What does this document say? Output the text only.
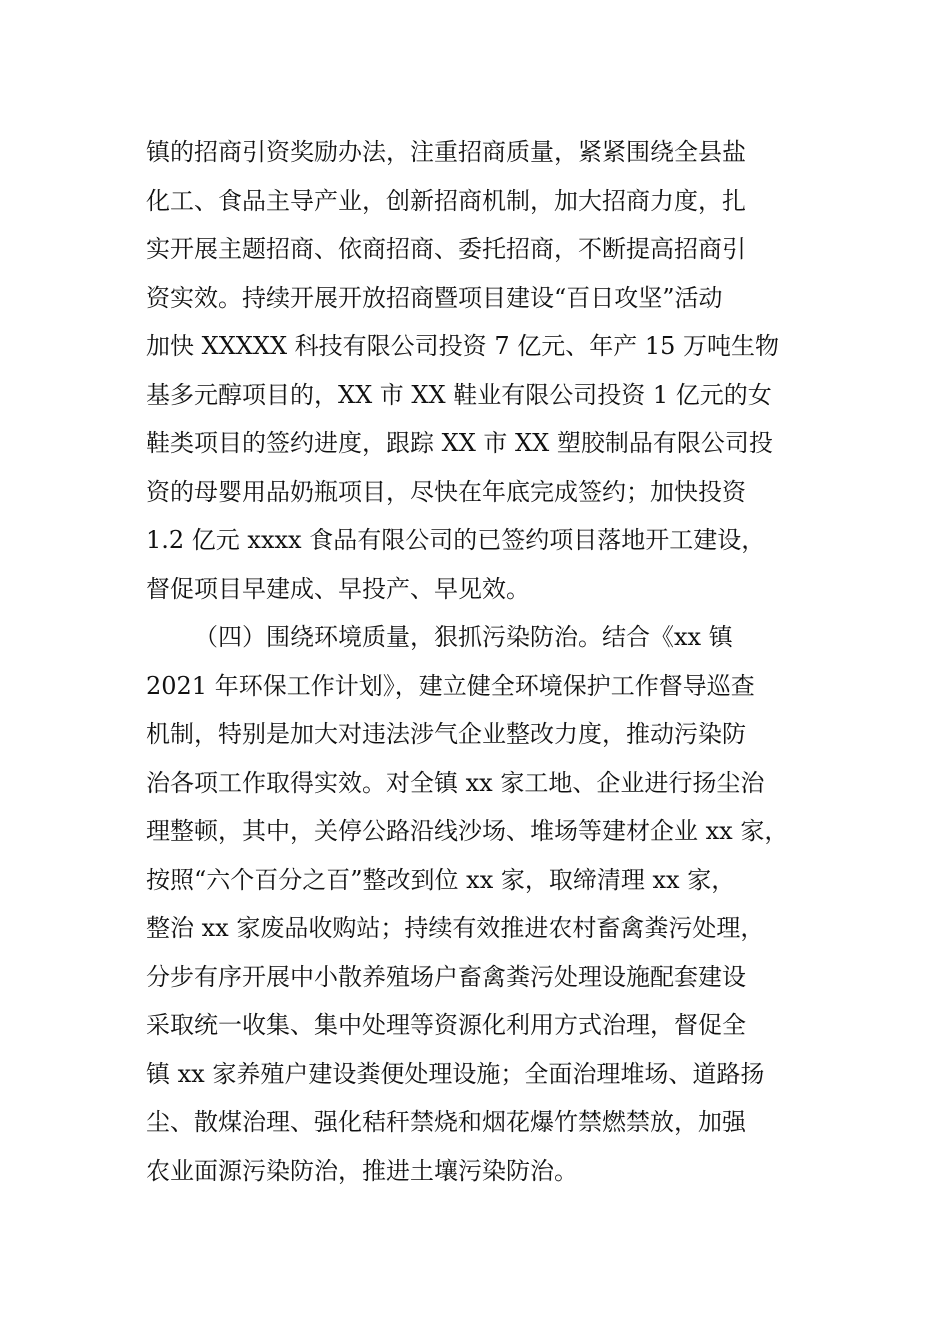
镇的招商引资奖励办法，注重招商质量，紧紧围绕全县盐
化工、食品主导产业，创新招商机制，加大招商力度，扎
实开展主题招商、依商招商、委托招商，不断提高招商引
资实效。持续开展开放招商暨项目建设“百日攻坚”活动
加快 XXXXX 科技有限公司投资 7 亿元、年产 15 万吨生物
基多元醇项目的，XX 市 XX 鞋业有限公司投资 1 亿元的女
鞋类项目的签约进度，跟踪 XX 市 XX 塑胶制品有限公司投
资的母婴用品奶瓶项目，尽快在年底完成签约；加快投资
1.2 亿元 xxxx 食品有限公司的已签约项目落地开工建设，
督促项目早建成、早投产、早见效。
（四）围绕环境质量，狠抓污染防治。结合《xx 镇
2021 年环保工作计划》，建立健全环境保护工作督导巡查
机制，特别是加大对违法涉气企业整改力度，推动污染防
治各项工作取得实效。对全镇 xx 家工地、企业进行扬尘治
理整顿，其中，关停公路沿线沙场、堆场等建材企业 xx 家，
按照“六个百分之百”整改到位 xx 家，取缔清理 xx 家，
整治 xx 家废品收购站；持续有效推进农村畜禽粪污处理，
分步有序开展中小散养殖场户畜禽粪污处理设施配套建设
采取统一收集、集中处理等资源化利用方式治理，督促全
镇 xx 家养殖户建设粪便处理设施；全面治理堆场、道路扬
尘、散煤治理、强化秸秆禁烧和烟花爆竹禁燃禁放，加强
农业面源污染防治，推进土壤污染防治。
